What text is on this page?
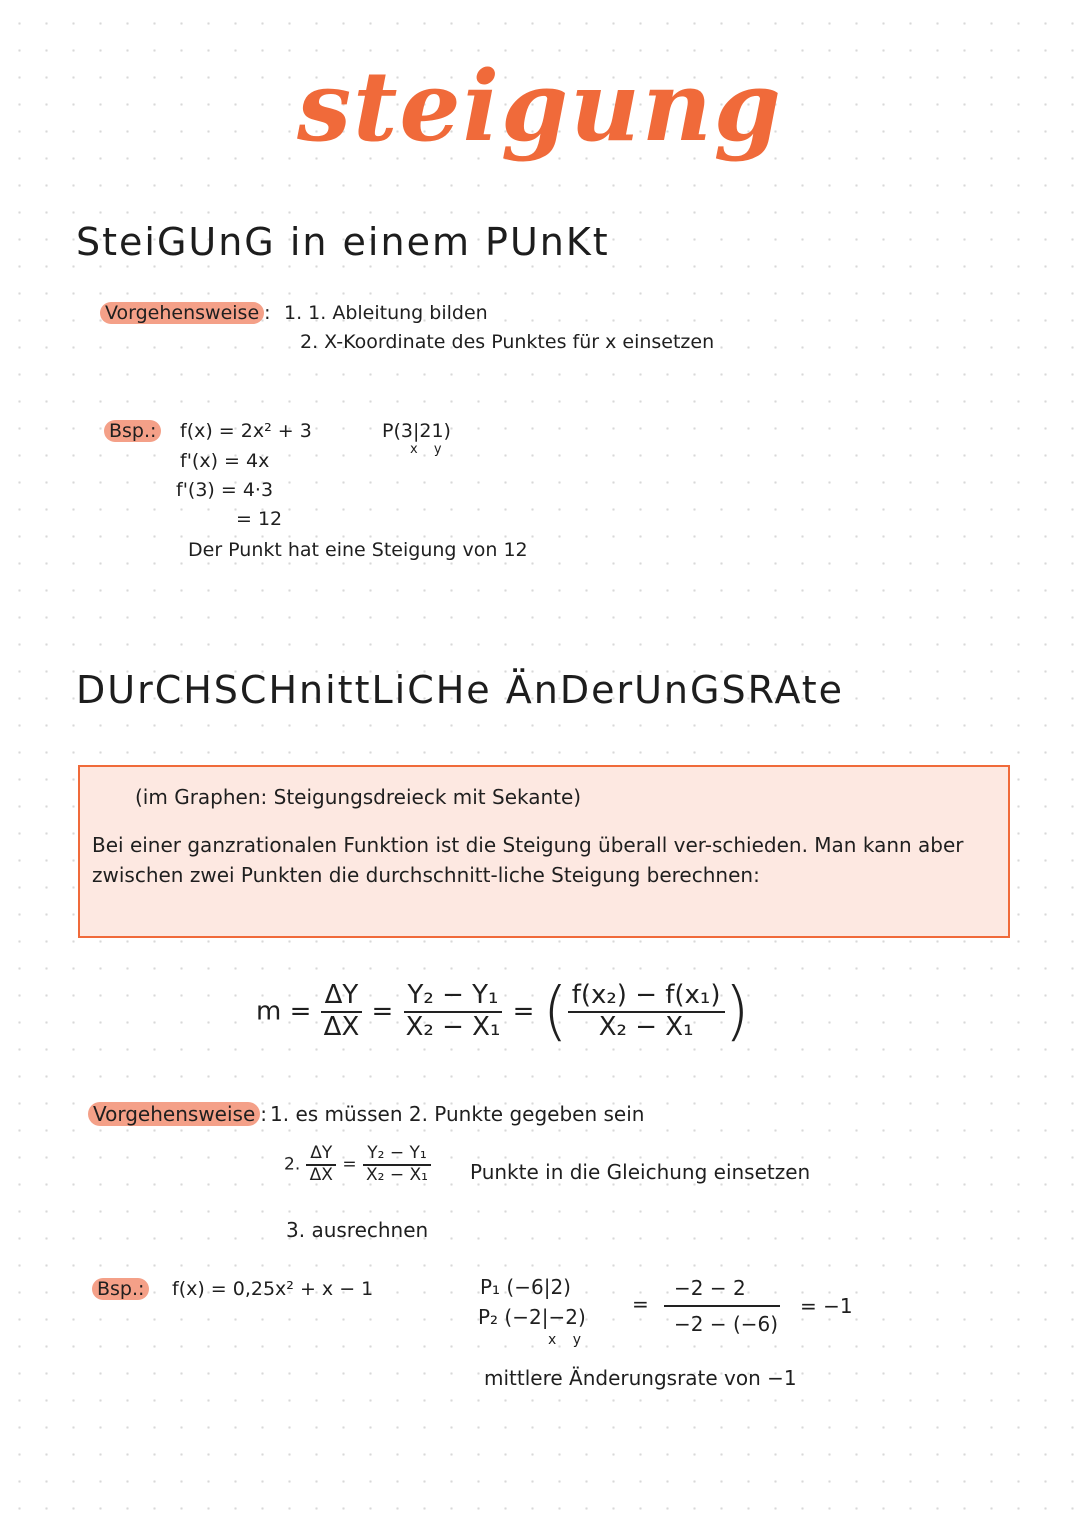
steigung
SteiGUnG in einem PUnKt
Vorgehensweise : 1. 1. Ableitung bilden
2. X-Koordinate des Punktes für x einsetzen
Bsp.: f(x) = 2x² + 3	P(3|21)
x y
f'(x) = 4x
f'(3) = 4·3
= 12
Der Punkt hat eine Steigung von 12
DUrCHSCHnittLiCHe ÄnDerUnGSRAte
(im Graphen: Steigungsdreieck mit Sekante)
Bei einer ganzrationalen Funktion ist die Steigung überall ver-schieden. Man kann aber zwischen zwei Punkten die durchschnitt-liche Steigung berechnen:
$m = \frac{\Delta Y}{\Delta X} = \frac{\text{Y₂ − Y₁}}{\text{X₂ − X₁}}$ = ( $\frac{\text{f(x₂) − f(x₁)}}{\text{X₂ − X₁}}$ )
Vorgehensweise : 1. es müssen 2. Punkte gegeben sein
2. $\frac{\Delta Y}{\Delta X} = \frac{\text{Y₂ − Y₁}}{\text{X₂ − X₁}}$ Punkte in die Gleichung einsetzen
3. ausrechnen
Bsp.: f(x) = 0,25x² + x − 1	P₁ (−6|2)
P₂ (−2|−2)
x y
=
−2 − 2
−2 − (−6)
= −1
mittlere Änderungsrate von −1
